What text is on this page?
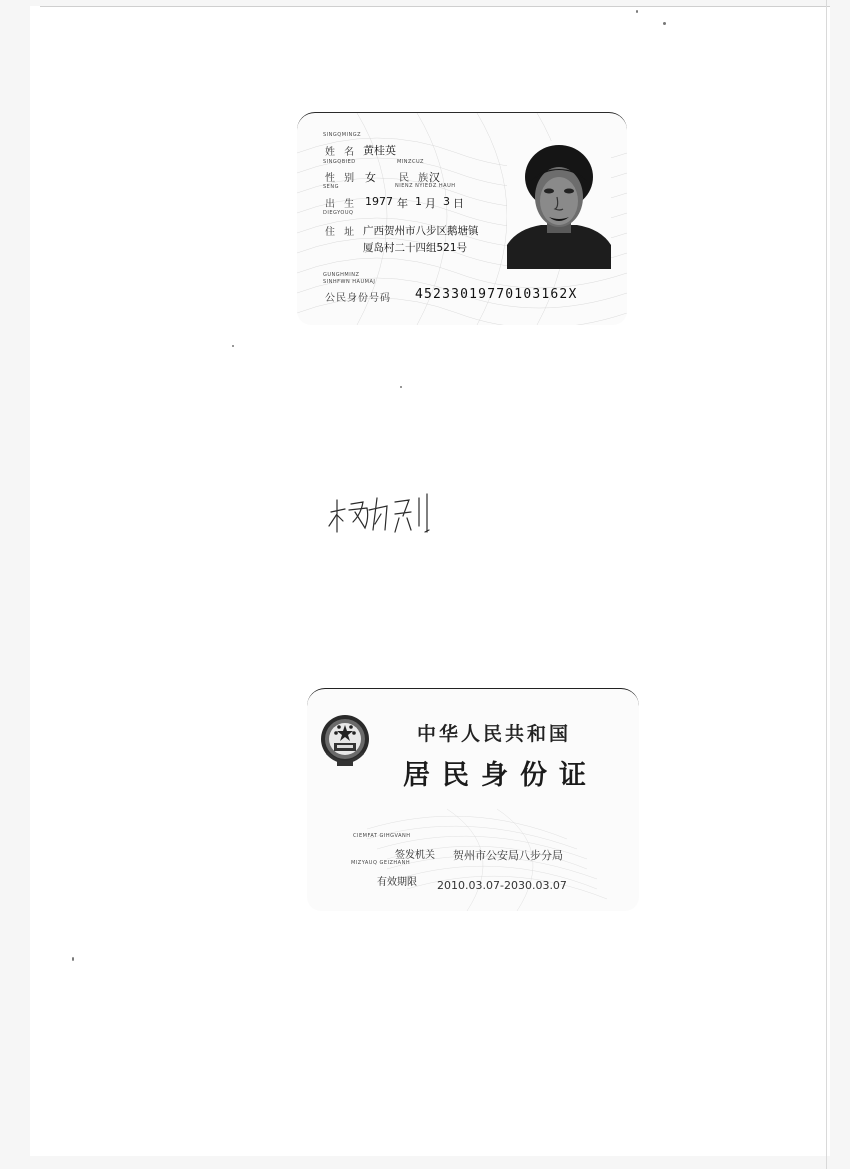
SINGQMINGZ
姓 名 黄桂英
SINGQBIED	MINZCUZ
性 别 女 民 族
汉
SENG	NIENZ NYIEDZ HAUH
出 生 1977 年 1 月 3 日
DIEGYOUQ
住 址 广西贺州市八步区鹅塘镇
厦岛村二十四组521号
GUNGHMINZ
SINHFWN HAUMAJ
公民身份号码 45233019770103162X
中华人民共和国
居民身份证
CIEMFAT GIHGVANH
签发机关 贺州市公安局八步分局
MIZYAUQ GEIZHANH
有效期限 2010.03.07-2030.03.07
